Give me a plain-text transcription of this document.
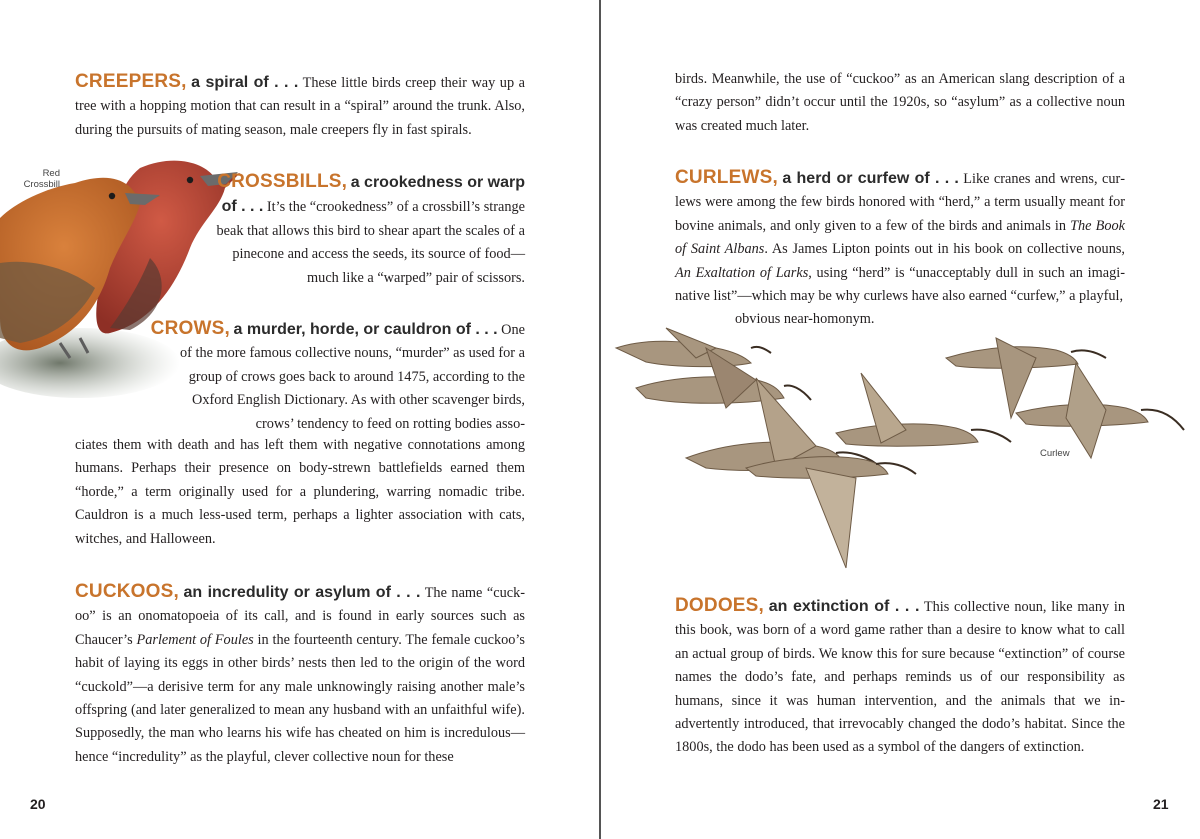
CREEPERS, a spiral of . . . These little birds creep their way up a tree with a hopping motion that can result in a “spiral” around the trunk. Also, during the pursuits of mating season, male creepers fly in fast spirals.

Red Crossbill	CROSSBILLS, a crookedness or warp of . . . It’s the “crookedness” of a crossbill’s strange beak that allows this bird to shear apart the scales of a pinecone and access the seeds, its source of food—much like a “warped” pair of scissors.

CROWS, a murder, horde, or cauldron of . . . One of the more famous collective nouns, “murder” as used for a group of crows goes back to around 1475, according to the Oxford English Dictionary. As with other scavenger birds, crows’ tendency to feed on rotting bodies asso-

ciates them with death and has left them with negative connotations among humans. Perhaps their presence on body-strewn battlefields earned them “horde,” a term originally used for a plundering, warring nomadic tribe. Cauldron is a much less-used term, perhaps a lighter association with cats, witches, and Halloween.

CUCKOOS, an incredulity or asylum of . . . The name “cuckoo” is an onomatopoeia of its call, and is found in early sources such as Chaucer’s Parlement of Foules in the fourteenth century. The female cuckoo’s habit of laying its eggs in other birds’ nests then led to the origin of the word “cuckold”—a derisive term for any male unknowingly raising another male’s offspring (and later generalized to mean any husband with an unfaithful wife). Supposedly, the man who learns his wife has cheated on him is incredulous—hence “incredulity” as the playful, clever collective noun for these

20

birds. Meanwhile, the use of “cuckoo” as an American slang description of a “crazy person” didn’t occur until the 1920s, so “asylum” as a collective noun was created much later.

CURLEWS, a herd or curfew of . . . Like cranes and wrens, curlews were among the few birds honored with “herd,” a term usually meant for bovine animals, and only given to a few of the birds and animals in The Book of Saint Albans. As James Lipton points out in his book on collective nouns, An Exaltation of Larks, using “herd” is “unacceptably dull in such an imaginative list”—which may be why curlews have also earned “curfew,” a playful,

obvious near-homonym.

Curlew

DODOES, an extinction of . . . This collective noun, like many in this book, was born of a word game rather than a desire to know what to call an actual group of birds. We know this for sure because “extinction” of course names the dodo’s fate, and perhaps reminds us of our responsibility as humans, since it was human intervention, and the animals that we inadvertently introduced, that irrevocably changed the dodo’s habitat. Since the 1800s, the dodo has been used as a symbol of the dangers of extinction.

21
